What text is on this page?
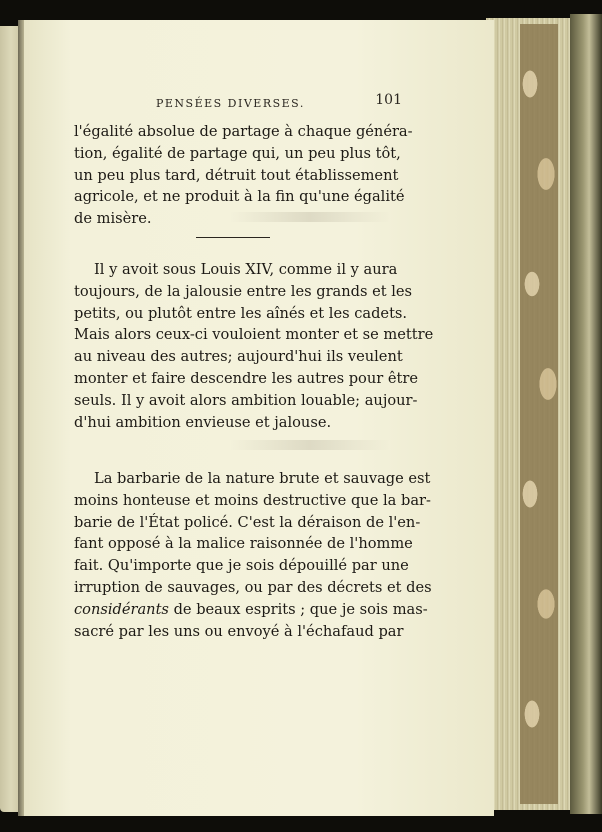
PENSÉES DIVERSES.	101

l'égalité absolue de partage à chaque généra-
tion, égalité de partage qui, un peu plus tôt,
un peu plus tard, détruit tout établissement
agricole, et ne produit à la fin qu'une égalité
de misère.

Il y avoit sous Louis XIV, comme il y aura
toujours, de la jalousie entre les grands et les
petits, ou plutôt entre les aînés et les cadets.
Mais alors ceux-ci vouloient monter et se mettre
au niveau des autres; aujourd'hui ils veulent
monter et faire descendre les autres pour être
seuls. Il y avoit alors ambition louable; aujour-
d'hui ambition envieuse et jalouse.

La barbarie de la nature brute et sauvage est
moins honteuse et moins destructive que la bar-
barie de l'État policé. C'est la déraison de l'en-
fant opposé à la malice raisonnée de l'homme
fait. Qu'importe que je sois dépouillé par une
irruption de sauvages, ou par des décrets et des
considérants de beaux esprits ; que je sois mas-
sacré par les uns ou envoyé à l'échafaud par
